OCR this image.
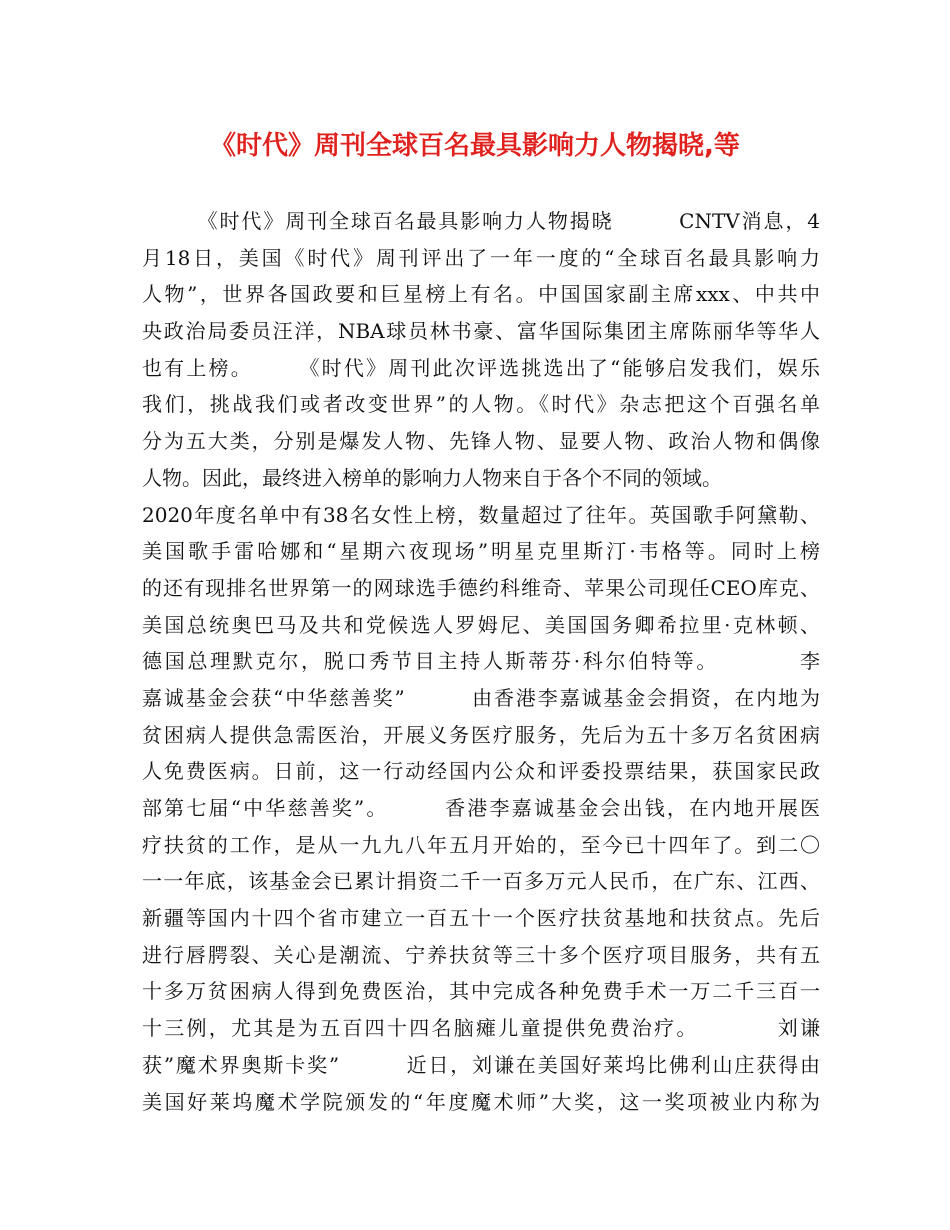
《时代》周刊全球百名最具影响力人物揭晓,等
　　　《时代》周刊全球百名最具影响力人物揭晓　　　CNTV消息，4
月18日，美国《时代》周刊评出了一年一度的“全球百名最具影响力
人物”，世界各国政要和巨星榜上有名。中国国家副主席xxx、中共中
央政治局委员汪洋，NBA球员林书豪、富华国际集团主席陈丽华等华人
也有上榜。　　　《时代》周刊此次评选挑选出了“能够启发我们，娱乐
我们，挑战我们或者改变世界”的人物。《时代》杂志把这个百强名单
分为五大类，分别是爆发人物、先锋人物、显要人物、政治人物和偶像
人物。因此，最终进入榜单的影响力人物来自于各个不同的领域。
2020年度名单中有38名女性上榜，数量超过了往年。英国歌手阿黛勒、
美国歌手雷哈娜和“星期六夜现场”明星克里斯汀·韦格等。同时上榜
的还有现排名世界第一的网球选手德约科维奇、苹果公司现任CEO库克、
美国总统奥巴马及共和党候选人罗姆尼、美国国务卿希拉里·克林顿、
德国总理默克尔，脱口秀节目主持人斯蒂芬·科尔伯特等。　　　　李
嘉诚基金会获“中华慈善奖”　　　由香港李嘉诚基金会捐资，在内地为
贫困病人提供急需医治，开展义务医疗服务，先后为五十多万名贫困病
人免费医病。日前，这一行动经国内公众和评委投票结果，获国家民政
部第七届“中华慈善奖”。　　　香港李嘉诚基金会出钱，在内地开展医
疗扶贫的工作，是从一九九八年五月开始的，至今已十四年了。到二〇
一一年底，该基金会已累计捐资二千一百多万元人民币，在广东、江西、
新疆等国内十四个省市建立一百五十一个医疗扶贫基地和扶贫点。先后
进行唇腭裂、关心是潮流、宁养扶贫等三十多个医疗项目服务，共有五
十多万贫困病人得到免费医治，其中完成各种免费手术一万二千三百一
十三例，尤其是为五百四十四名脑瘫儿童提供免费治疗。　　　　刘谦
获”魔术界奥斯卡奖”　　　近日，刘谦在美国好莱坞比佛利山庄获得由
美国好莱坞魔术学院颁发的“年度魔术师”大奖，这一奖项被业内称为
